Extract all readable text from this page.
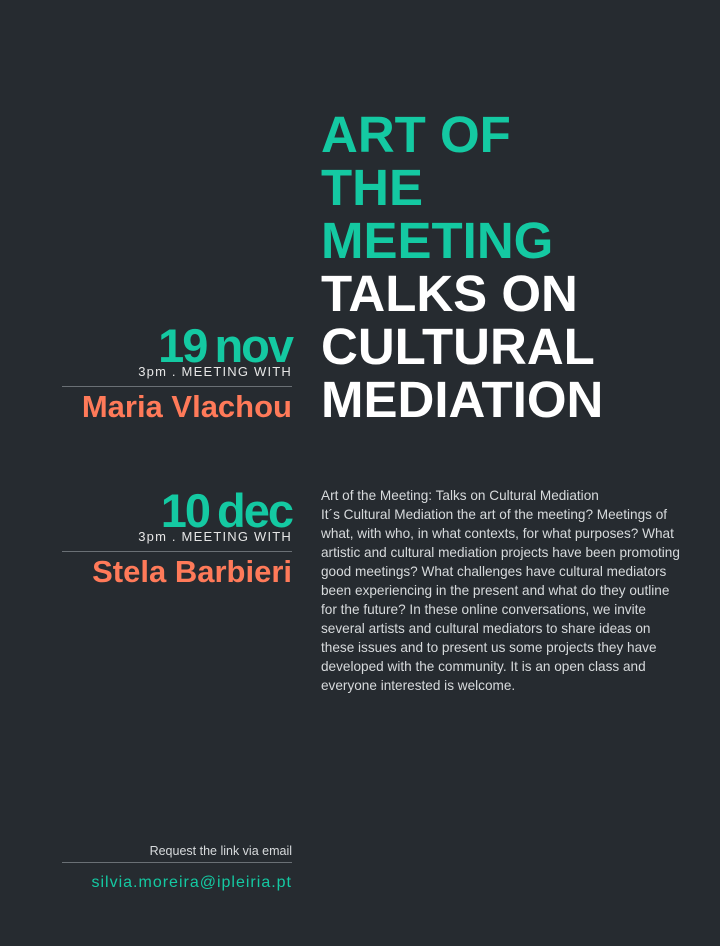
ART OF
THE
MEETING
TALKS ON
CULTURAL
MEDIATION
19 nov
3pm . MEETING WITH
Maria Vlachou
10 dec
3pm . MEETING WITH
Stela Barbieri

Art of the Meeting: Talks on Cultural Mediation

It´s Cultural Mediation the art of the meeting? Meetings of what, with who, in what contexts, for what purposes? What artistic and cultural mediation projects have been promoting good meetings? What challenges have cultural mediators been experiencing in the present and what do they outline for the future? In these online conversations, we invite several artists and cultural mediators to share ideas on these issues and to present us some projects they have developed with the community. It is an open class and everyone interested is welcome.

Request the link via email
silvia.moreira@ipleiria.pt
